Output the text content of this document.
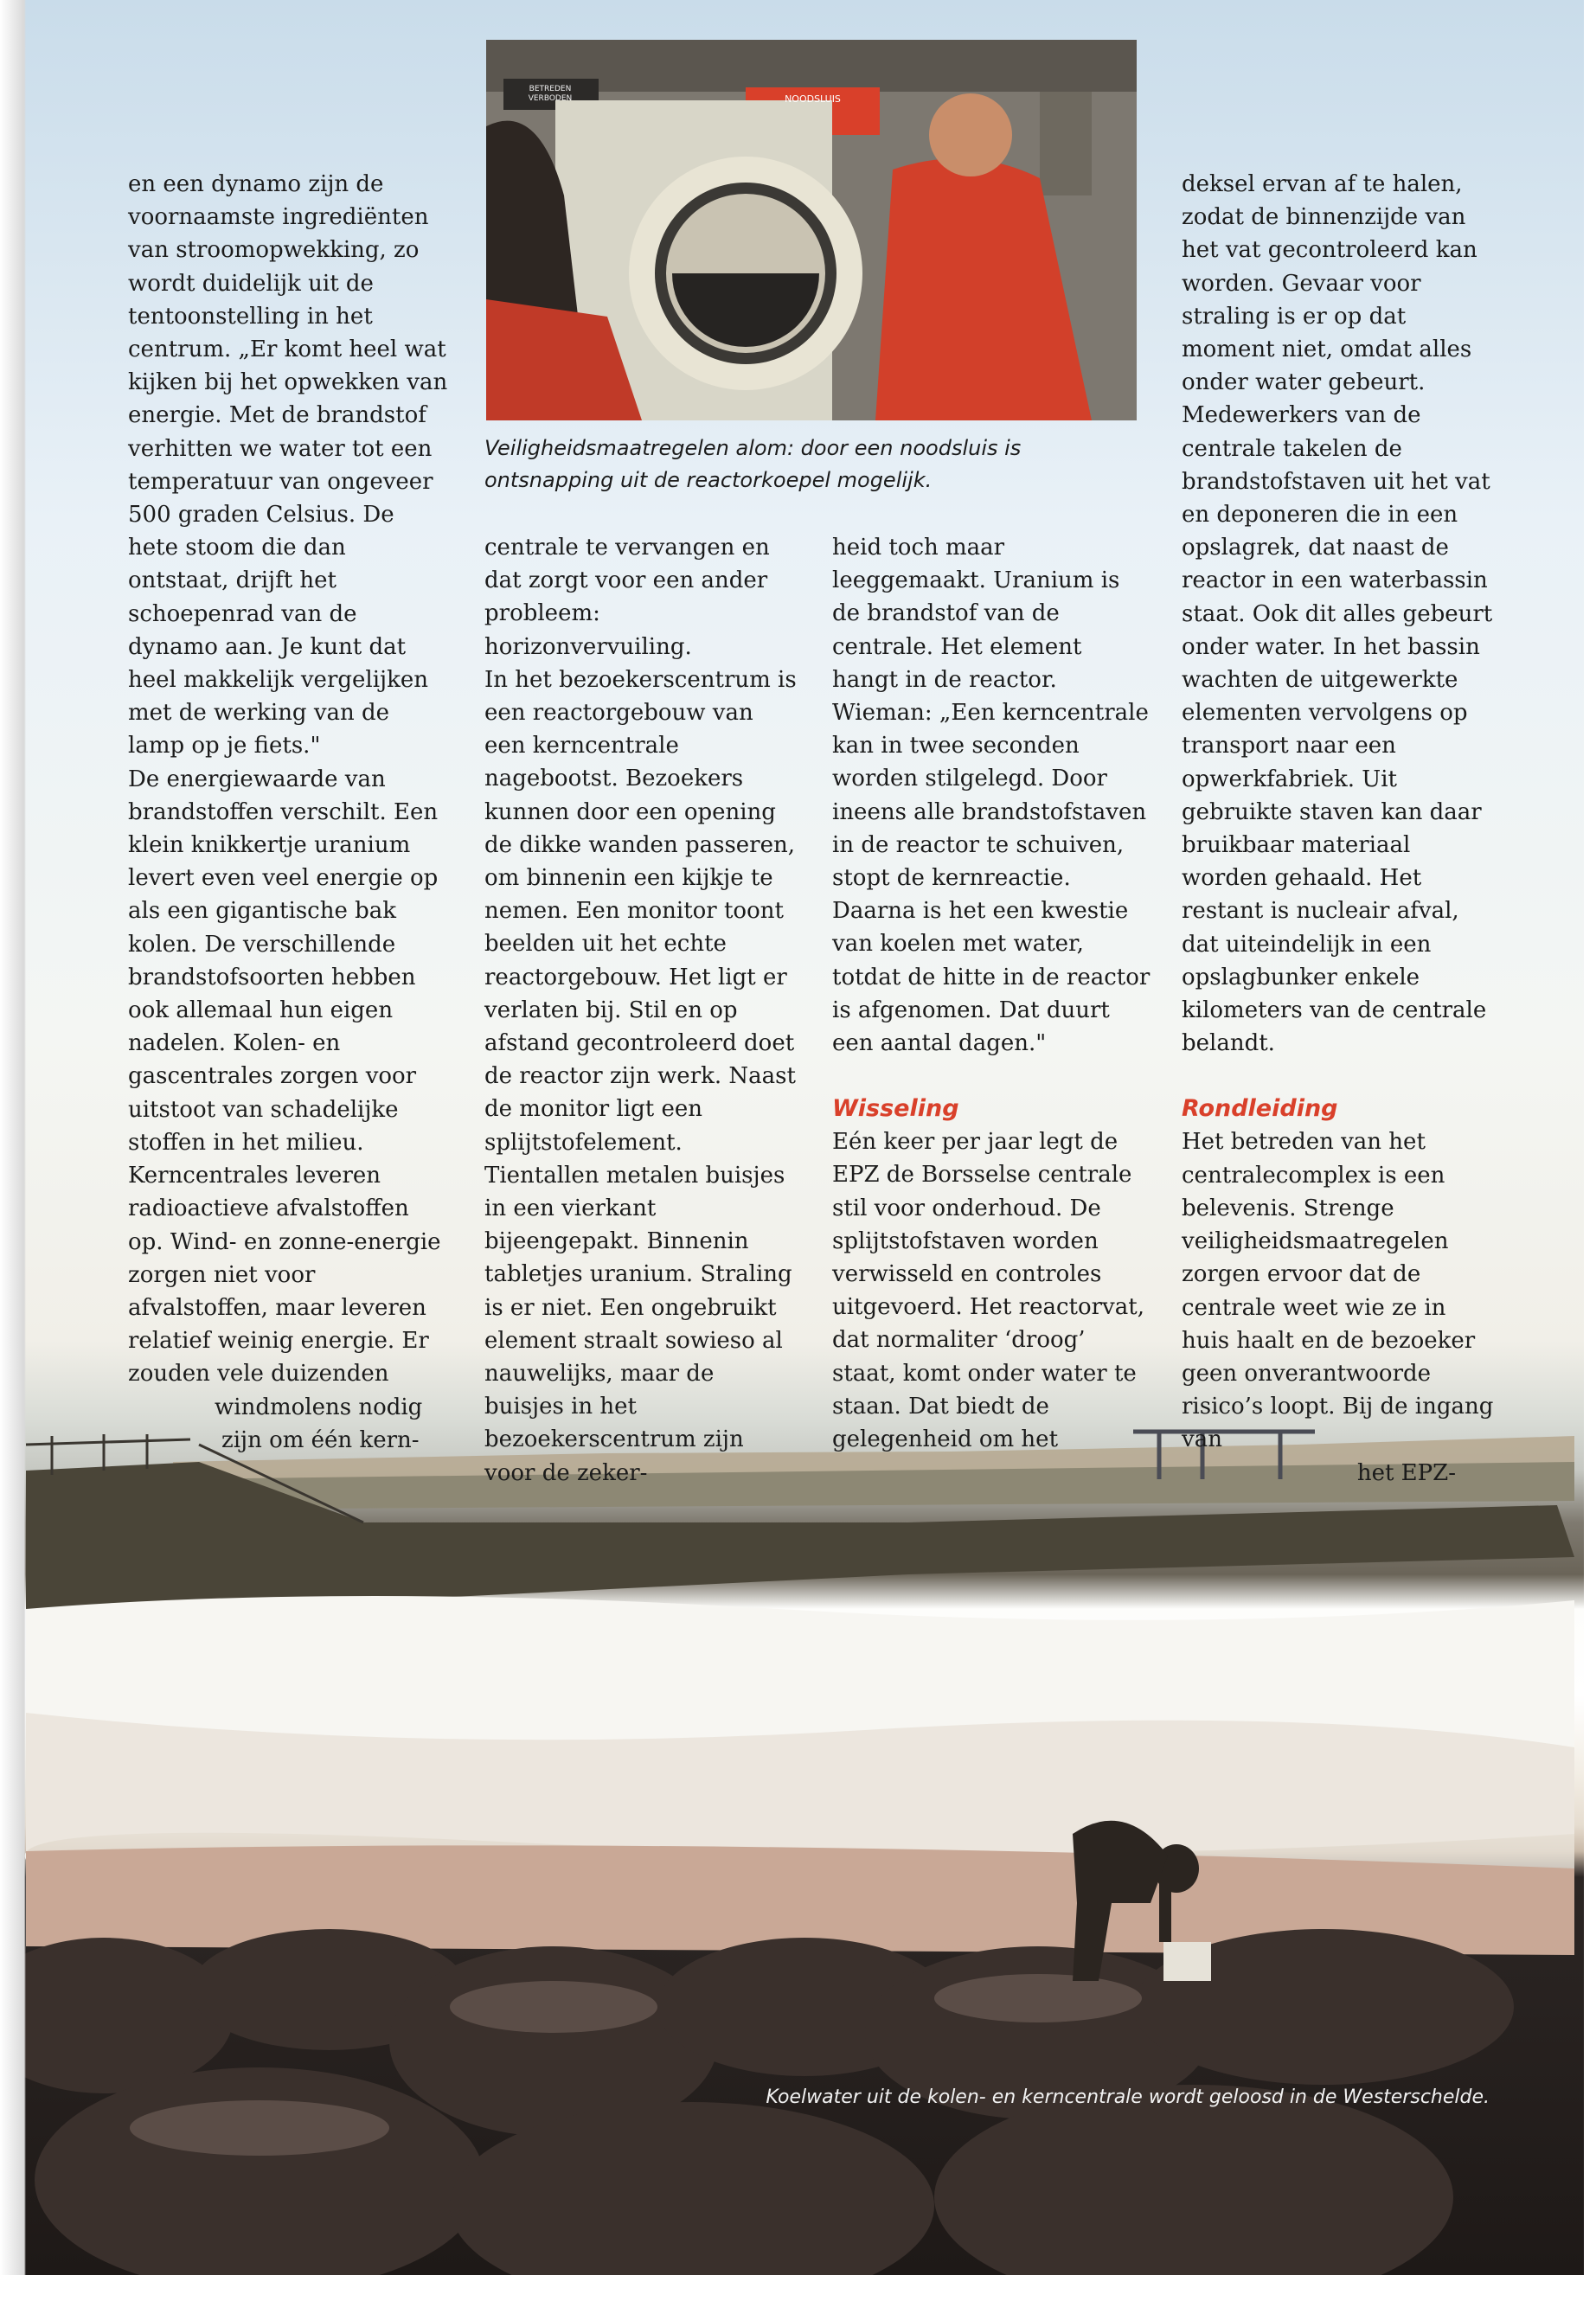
BETREDEN VERBODEN	NOODSLUIS

Veiligheidsmaatregelen alom: door een noodsluis is ontsnapping uit de reactorkoepel mogelijk.

en een dynamo zijn de voornaamste ingrediënten van stroomopwekking, zo wordt duidelijk uit de tentoonstelling in het centrum. „Er komt heel wat kijken bij het opwekken van energie. Met de brandstof verhitten we water tot een temperatuur van ongeveer 500 graden Celsius. De hete stoom die dan ontstaat, drijft het schoepenrad van de dynamo aan. Je kunt dat heel makkelijk vergelijken met de werking van de lamp op je fiets."

De energiewaarde van brandstoffen verschilt. Een klein knikkertje uranium levert even veel energie op als een gigantische bak kolen. De verschillende brandstofsoorten hebben ook allemaal hun eigen nadelen. Kolen- en gascentrales zorgen voor uitstoot van schadelijke stoffen in het milieu. Kerncentrales leveren radioactieve afvalstoffen op. Wind- en zonne-energie zorgen niet voor afvalstoffen, maar leveren relatief weinig energie. Er zouden vele duizenden

windmolens nodig

zijn om één kern-

centrale te vervangen en dat zorgt voor een ander probleem: horizonvervuiling.

In het bezoekerscentrum is een reactorgebouw van een kerncentrale nagebootst. Bezoekers kunnen door een opening de dikke wanden passeren, om binnenin een kijkje te nemen. Een monitor toont beelden uit het echte reactorgebouw. Het ligt er verlaten bij. Stil en op afstand gecontroleerd doet de reactor zijn werk. Naast de monitor ligt een splijtstofelement. Tientallen metalen buisjes in een vierkant bijeengepakt. Binnenin tabletjes uranium. Straling is er niet. Een ongebruikt element straalt sowieso al nauwelijks, maar de buisjes in het bezoekerscentrum zijn voor de zeker-

heid toch maar leeggemaakt. Uranium is de brandstof van de centrale. Het element hangt in de reactor. Wieman: „Een kerncentrale kan in twee seconden worden stilgelegd. Door ineens alle brandstofstaven in de reactor te schuiven, stopt de kernreactie. Daarna is het een kwestie van koelen met water, totdat de hitte in de reactor is afgenomen. Dat duurt een aantal dagen."

Wisseling

Eén keer per jaar legt de EPZ de Borsselse centrale stil voor onderhoud. De splijtstofstaven worden verwisseld en controles uitgevoerd. Het reactorvat, dat normaliter ‘droog’ staat, komt onder water te staan. Dat biedt de gelegenheid om het

deksel ervan af te halen, zodat de binnenzijde van het vat gecontroleerd kan worden. Gevaar voor straling is er op dat moment niet, omdat alles onder water gebeurt.

Medewerkers van de centrale takelen de brandstofstaven uit het vat en deponeren die in een opslagrek, dat naast de reactor in een waterbassin staat. Ook dit alles gebeurt onder water. In het bassin wachten de uitgewerkte elementen vervolgens op transport naar een opwerkfabriek. Uit gebruikte staven kan daar bruikbaar materiaal worden gehaald. Het restant is nucleair afval, dat uiteindelijk in een opslagbunker enkele kilometers van de centrale belandt.

Rondleiding

Het betreden van het centralecomplex is een belevenis. Strenge veiligheidsmaatregelen zorgen ervoor dat de centrale weet wie ze in huis haalt en de bezoeker geen onverantwoorde risico’s loopt. Bij de ingang van

het EPZ-

Koelwater uit de kolen- en kerncentrale wordt geloosd in de Westerschelde.
